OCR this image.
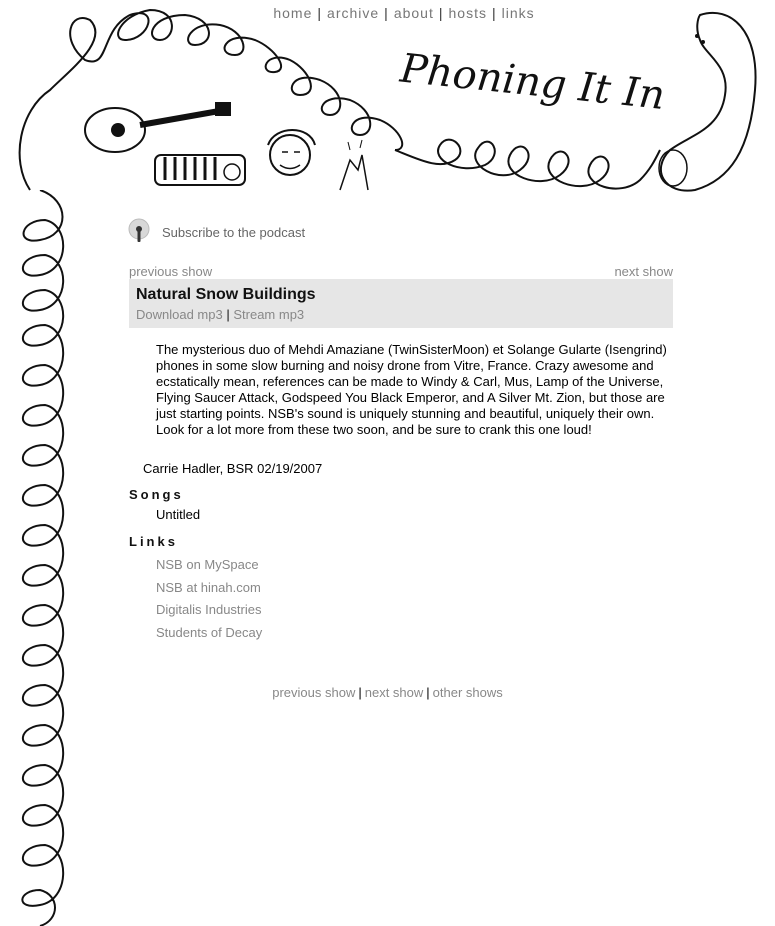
home | archive | about | hosts | links
Phoning It In
Subscribe to the podcast
previous show	next show
Natural Snow Buildings
Download mp3 | Stream mp3
The mysterious duo of Mehdi Amaziane (TwinSisterMoon) et Solange Gularte (Isengrind) phones in some slow burning and noisy drone from Vitre, France. Crazy awesome and ecstatically mean, references can be made to Windy & Carl, Mus, Lamp of the Universe, Flying Saucer Attack, Godspeed You Black Emperor, and A Silver Mt. Zion, but those are just starting points. NSB's sound is uniquely stunning and beautiful, uniquely their own. Look for a lot more from these two soon, and be sure to crank this one loud!
Carrie Hadler, BSR 02/19/2007
Songs
Untitled
Links
NSB on MySpace
NSB at hinah.com
Digitalis Industries
Students of Decay
previous show | next show | other shows
